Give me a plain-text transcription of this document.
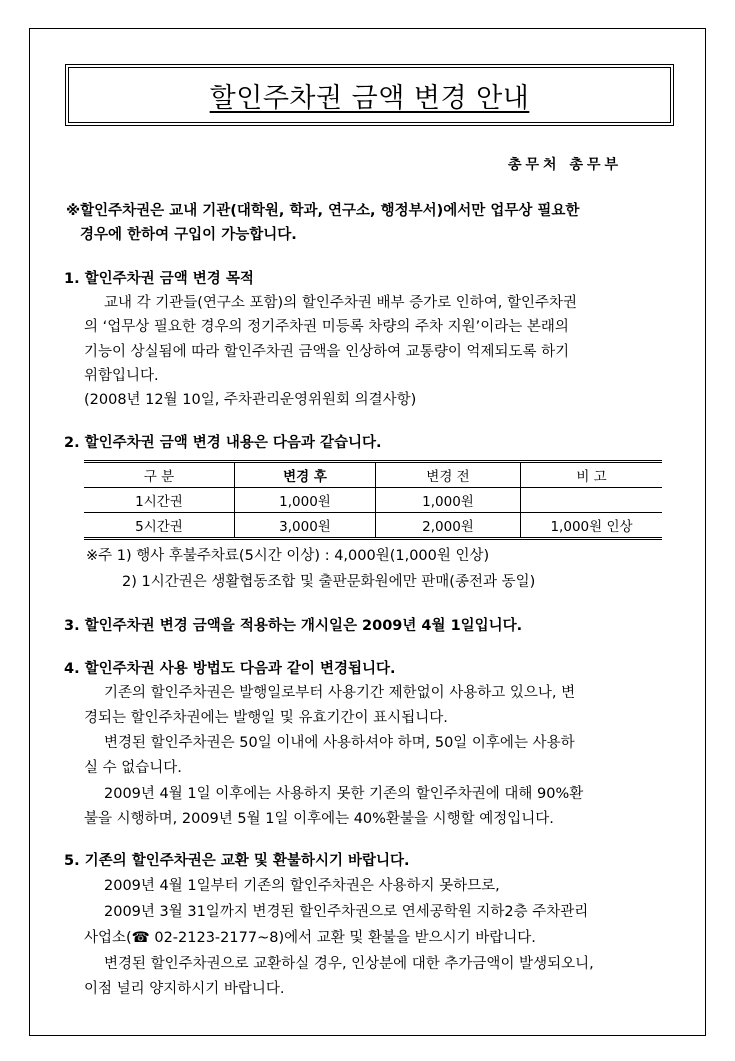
할인주차권 금액 변경 안내
총무처 총무부
※할인주차권은 교내 기관(대학원, 학과, 연구소, 행정부서)에서만 업무상 필요한
경우에 한하여 구입이 가능합니다.
1. 할인주차권 금액 변경 목적
교내 각 기관들(연구소 포함)의 할인주차권 배부 증가로 인하여, 할인주차권
의 ‘업무상 필요한 경우의 정기주차권 미등록 차량의 주차 지원’이라는 본래의
기능이 상실됨에 따라 할인주차권 금액을 인상하여 교통량이 억제되도록 하기
위함입니다.
(2008년 12월 10일, 주차관리운영위원회 의결사항)
2. 할인주차권 금액 변경 내용은 다음과 같습니다.
구 분	변경 후	변경 전	비 고
1시간권	1,000원	1,000원	
5시간권	3,000원	2,000원	1,000원 인상
※주 1) 행사 후불주차료(5시간 이상) : 4,000원(1,000원 인상)
2) 1시간권은 생활협동조합 및 출판문화원에만 판매(종전과 동일)
3. 할인주차권 변경 금액을 적용하는 개시일은 2009년 4월 1일입니다.
4. 할인주차권 사용 방법도 다음과 같이 변경됩니다.
기존의 할인주차권은 발행일로부터 사용기간 제한없이 사용하고 있으나, 변
경되는 할인주차권에는 발행일 및 유효기간이 표시됩니다.
변경된 할인주차권은 50일 이내에 사용하셔야 하며, 50일 이후에는 사용하
실 수 없습니다.
2009년 4월 1일 이후에는 사용하지 못한 기존의 할인주차권에 대해 90%환
불을 시행하며, 2009년 5월 1일 이후에는 40%환불을 시행할 예정입니다.
5. 기존의 할인주차권은 교환 및 환불하시기 바랍니다.
2009년 4월 1일부터 기존의 할인주차권은 사용하지 못하므로,
2009년 3월 31일까지 변경된 할인주차권으로 연세공학원 지하2층 주차관리
사업소(☎ 02-2123-2177~8)에서 교환 및 환불을 받으시기 바랍니다.
변경된 할인주차권으로 교환하실 경우, 인상분에 대한 추가금액이 발생되오니,
이점 널리 양지하시기 바랍니다.
